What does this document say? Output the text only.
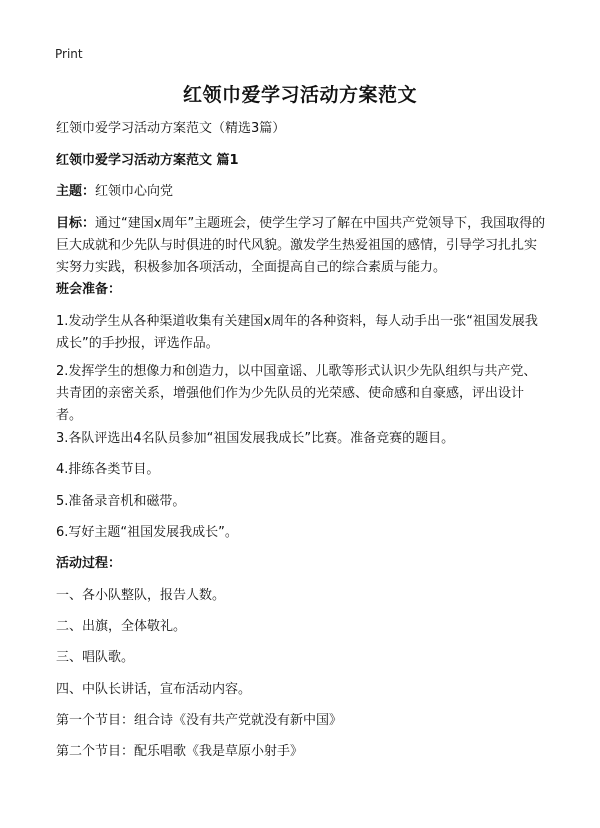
Print
红领巾爱学习活动方案范文

红领巾爱学习活动方案范文（精选3篇）

红领巾爱学习活动方案范文 篇1

主题：红领巾心向党

目标：通过“建国x周年”主题班会，使学生学习了解在中国共产党领导下，我国取得的巨大成就和少先队与时俱进的时代风貌。激发学生热爱祖国的感情，引导学习扎扎实实努力实践，积极参加各项活动，全面提高自己的综合素质与能力。

班会准备：

1.发动学生从各种渠道收集有关建国x周年的各种资料，每人动手出一张“祖国发展我成长”的手抄报，评选作品。

2.发挥学生的想像力和创造力，以中国童谣、儿歌等形式认识少先队组织与共产党、共青团的亲密关系，增强他们作为少先队员的光荣感、使命感和自豪感，评出设计者。

3.各队评选出4名队员参加“祖国发展我成长”比赛。准备竞赛的题目。

4.排练各类节目。

5.准备录音机和磁带。

6.写好主题“祖国发展我成长”。

活动过程：

一、各小队整队，报告人数。

二、出旗，全体敬礼。

三、唱队歌。

四、中队长讲话，宣布活动内容。

第一个节目：组合诗《没有共产党就没有新中国》

第二个节目：配乐唱歌《我是草原小射手》
